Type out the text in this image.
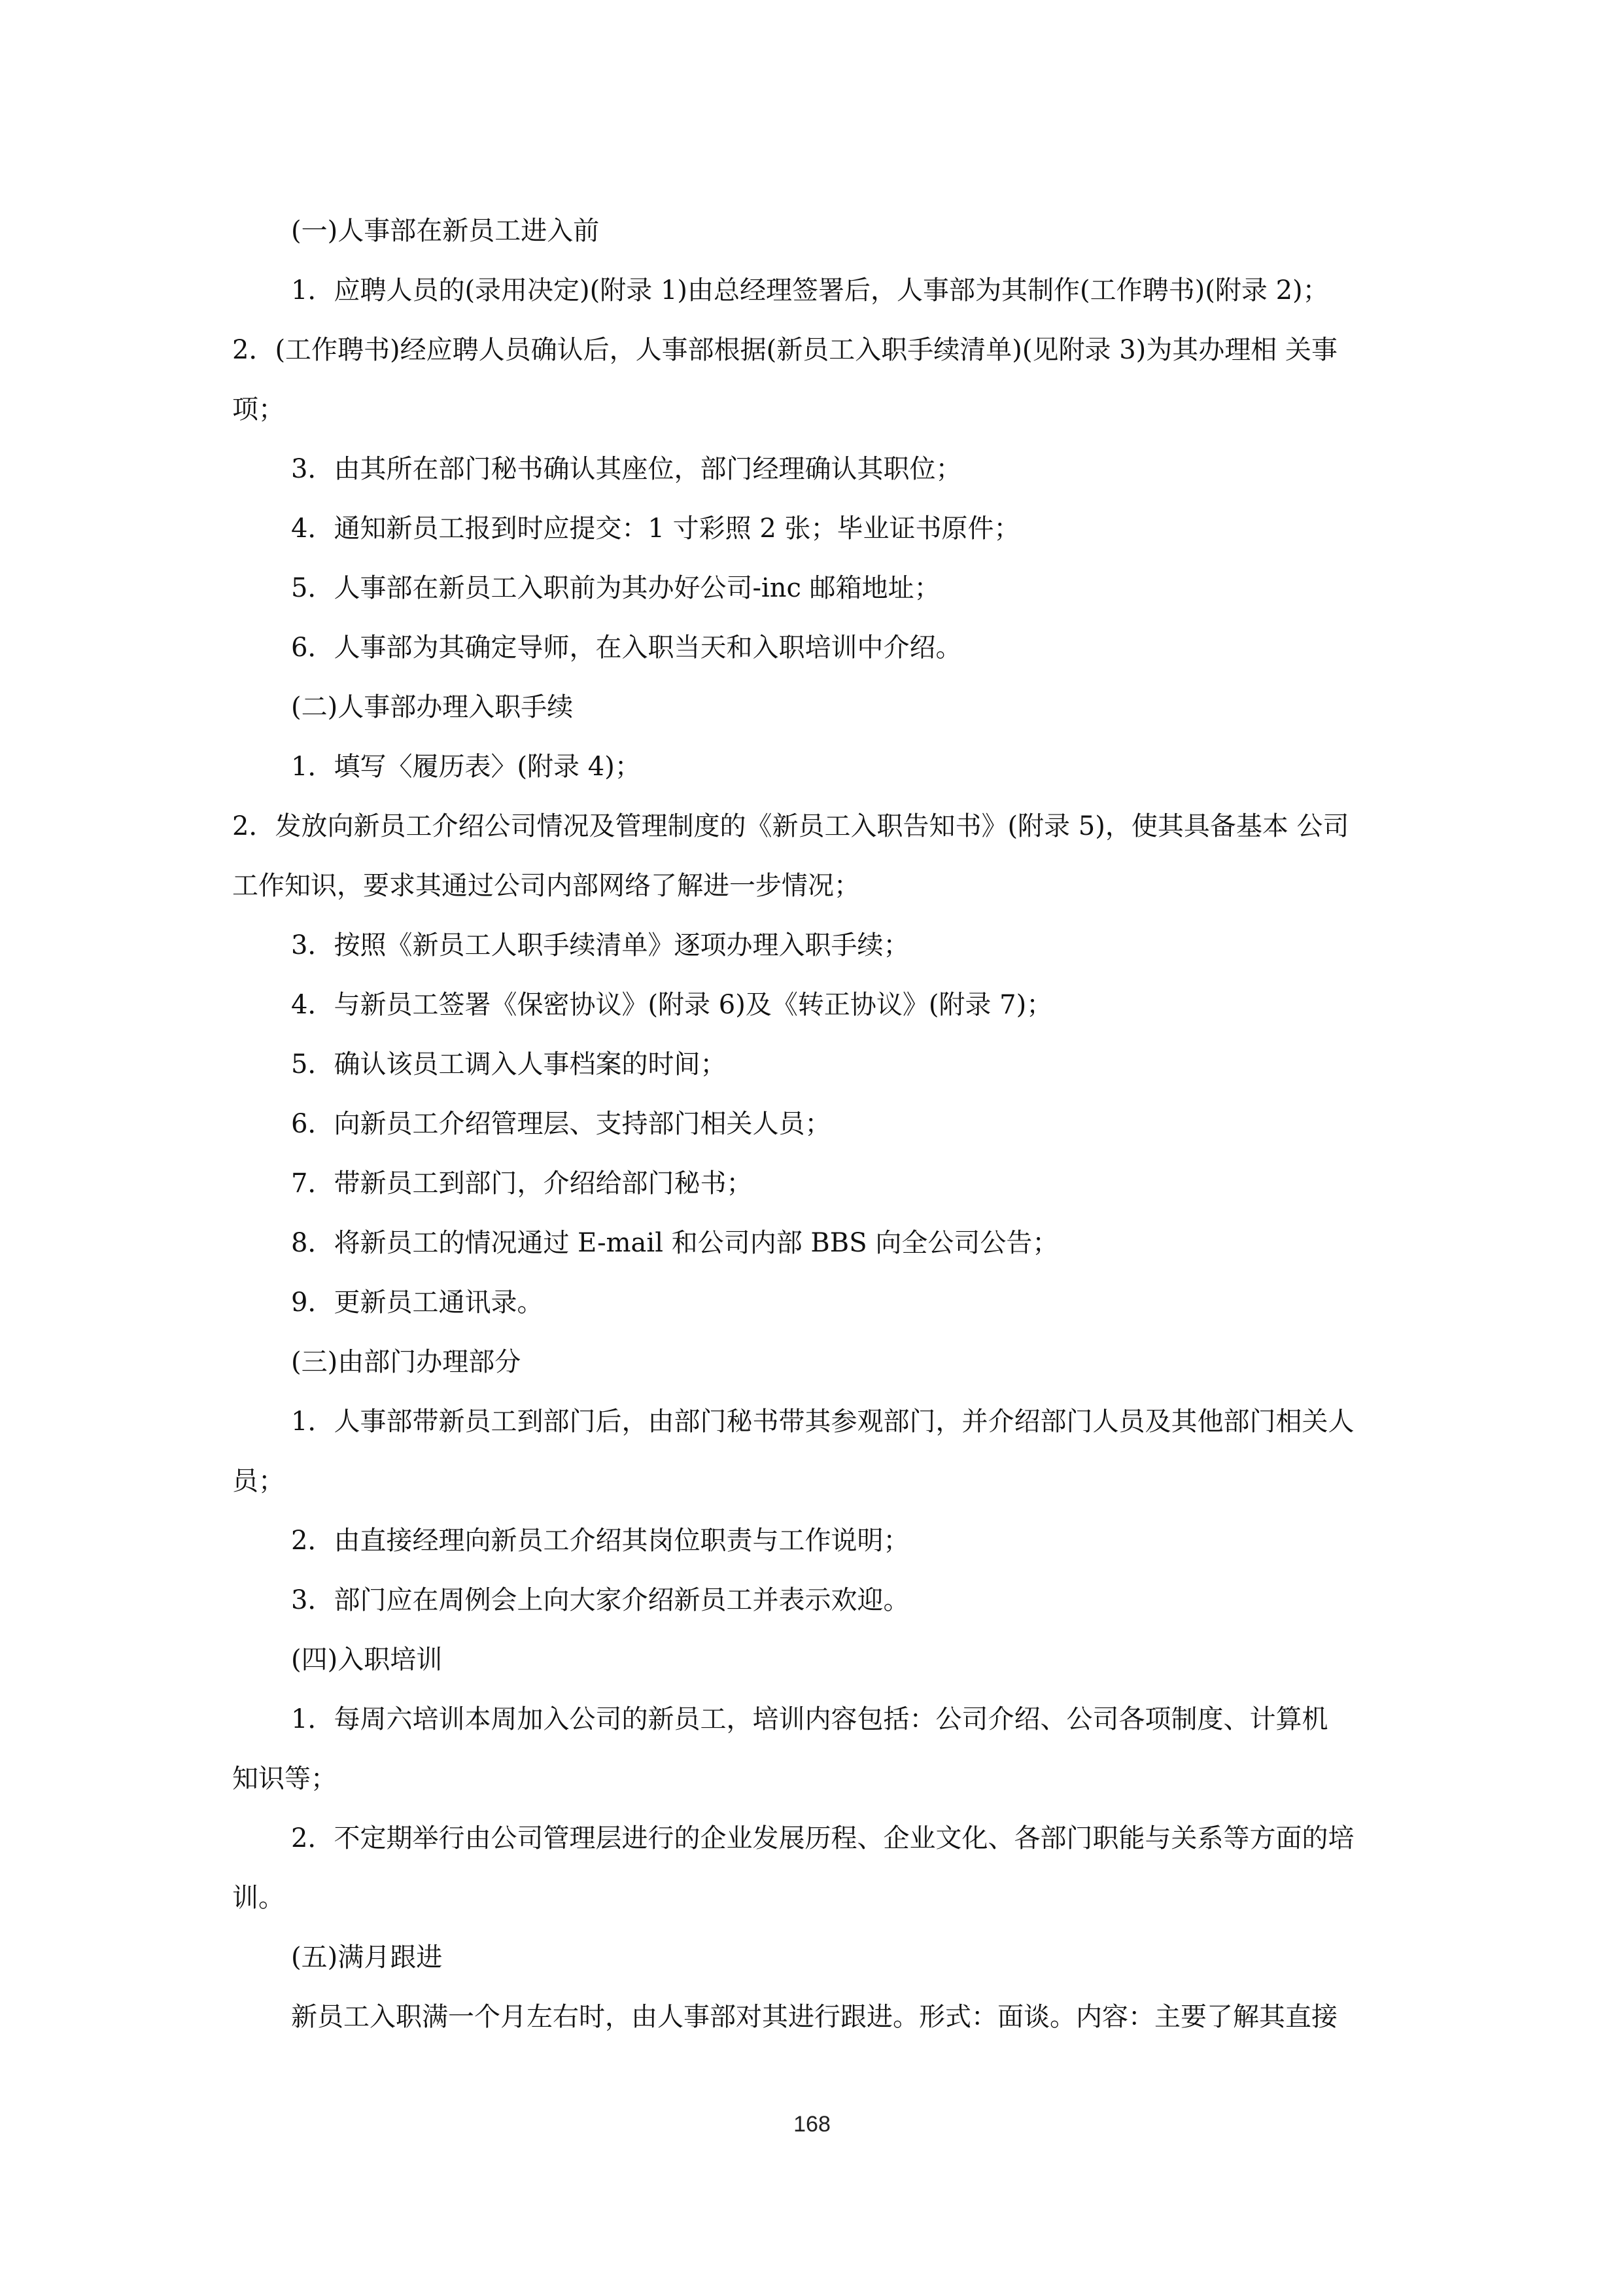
(一)人事部在新员工进入前
1．应聘人员的(录用决定)(附录 1)由总经理签署后，人事部为其制作(工作聘书)(附录 2)；
2．(工作聘书)经应聘人员确认后，人事部根据(新员工入职手续清单)(见附录 3)为其办理相 关事
项；
3．由其所在部门秘书确认其座位，部门经理确认其职位；
4．通知新员工报到时应提交：1 寸彩照 2 张；毕业证书原件；
5．人事部在新员工入职前为其办好公司-inc 邮箱地址；
6．人事部为其确定导师，在入职当天和入职培训中介绍。
(二)人事部办理入职手续
1．填写〈履历表〉(附录 4)；
2．发放向新员工介绍公司情况及管理制度的《新员工入职告知书》(附录 5)，使其具备基本 公司
工作知识，要求其通过公司内部网络了解进一步情况；
3．按照《新员工人职手续清单》逐项办理入职手续；
4．与新员工签署《保密协议》(附录 6)及《转正协议》(附录 7)；
5．确认该员工调入人事档案的时间；
6．向新员工介绍管理层、支持部门相关人员；
7．带新员工到部门，介绍给部门秘书；
8．将新员工的情况通过 E-mail 和公司内部 BBS 向全公司公告；
9．更新员工通讯录。
(三)由部门办理部分
1．人事部带新员工到部门后，由部门秘书带其参观部门，并介绍部门人员及其他部门相关人
员；
2．由直接经理向新员工介绍其岗位职责与工作说明；
3．部门应在周例会上向大家介绍新员工并表示欢迎。
(四)入职培训
1．每周六培训本周加入公司的新员工，培训内容包括：公司介绍、公司各项制度、计算机
知识等；
2．不定期举行由公司管理层进行的企业发展历程、企业文化、各部门职能与关系等方面的培
训。
(五)满月跟进
新员工入职满一个月左右时，由人事部对其进行跟进。形式：面谈。内容：主要了解其直接
168
